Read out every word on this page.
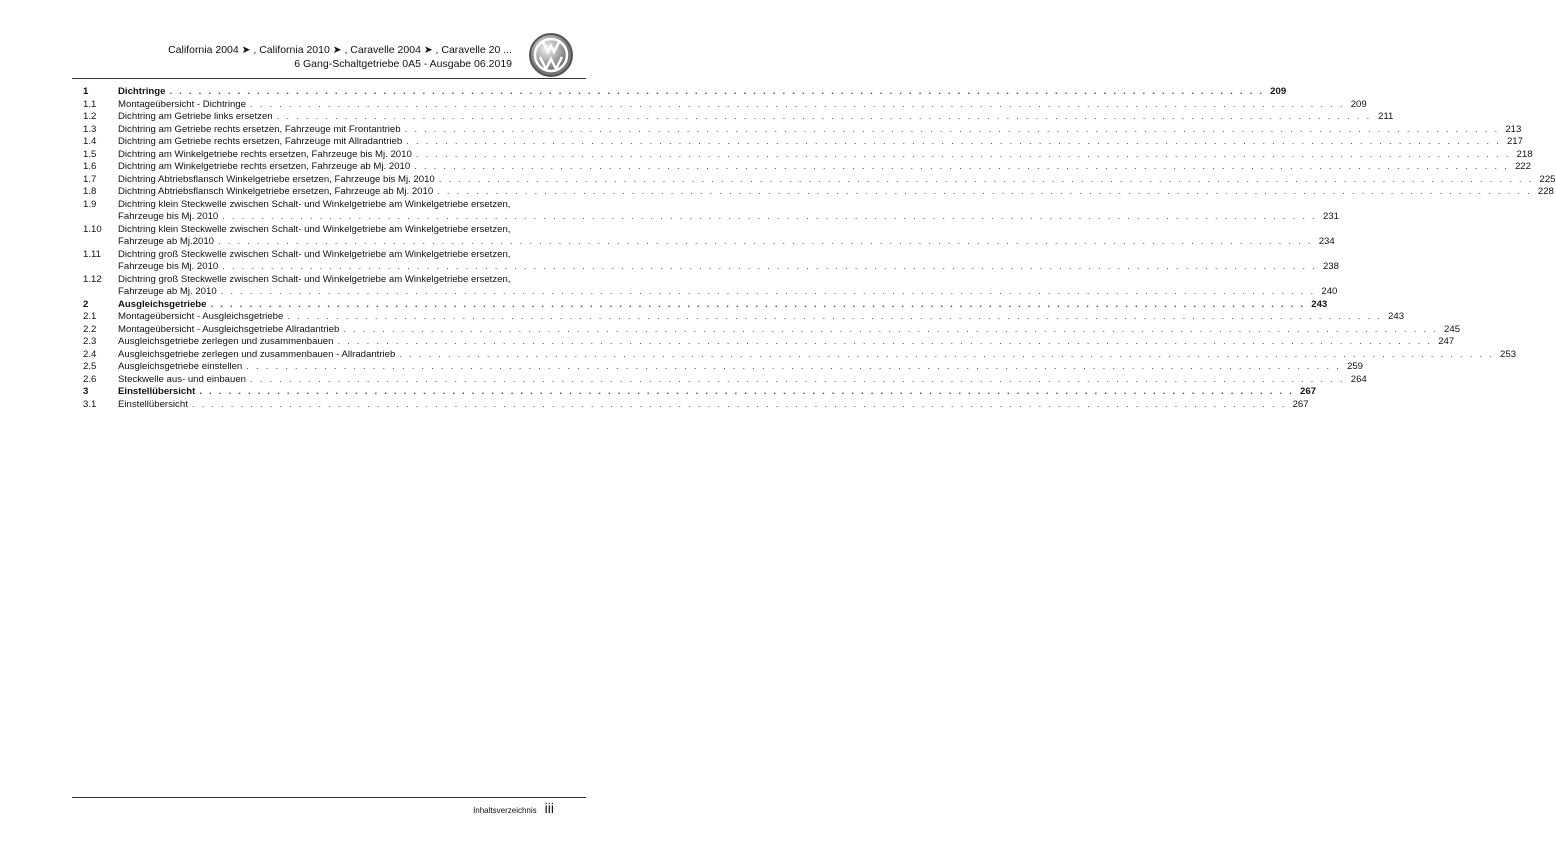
California 2004 ➤ , California 2010 ➤ , Caravelle 2004 ➤ , Caravelle 20 ...
6 Gang-Schaltgetriebe 0A5 - Ausgabe 06.2019
1	Dichtringe . . .	209
1.1	Montageübersicht - Dichtringe . . .	209
1.2	Dichtring am Getriebe links ersetzen . . .	211
1.3	Dichtring am Getriebe rechts ersetzen, Fahrzeuge mit Frontantrieb . . .	213
1.4	Dichtring am Getriebe rechts ersetzen, Fahrzeuge mit Allradantrieb . . .	217
1.5	Dichtring am Winkelgetriebe rechts ersetzen, Fahrzeuge bis Mj. 2010 . . .	218
1.6	Dichtring am Winkelgetriebe rechts ersetzen, Fahrzeuge ab Mj. 2010 . . .	222
1.7	Dichtring Abtriebsflansch Winkelgetriebe ersetzen, Fahrzeuge bis Mj. 2010 . . .	225
1.8	Dichtring Abtriebsflansch Winkelgetriebe ersetzen, Fahrzeuge ab Mj. 2010 . . .	228
1.9	Dichtring klein Steckwelle zwischen Schalt- und Winkelgetriebe am Winkelgetriebe ersetzen,
Fahrzeuge bis Mj. 2010 . . .	231
1.10	Dichtring klein Steckwelle zwischen Schalt- und Winkelgetriebe am Winkelgetriebe ersetzen,
Fahrzeuge ab Mj.2010 . . .	234
1.11	Dichtring groß Steckwelle zwischen Schalt- und Winkelgetriebe am Winkelgetriebe ersetzen,
Fahrzeuge bis Mj. 2010 . . .	238
1.12	Dichtring groß Steckwelle zwischen Schalt- und Winkelgetriebe am Winkelgetriebe ersetzen,
Fahrzeuge ab Mj. 2010 . . .	240
2	Ausgleichsgetriebe . . .	243
2.1	Montageübersicht - Ausgleichsgetriebe . . .	243
2.2	Montageübersicht - Ausgleichsgetriebe Allradantrieb . . .	245
2.3	Ausgleichsgetriebe zerlegen und zusammenbauen . . .	247
2.4	Ausgleichsgetriebe zerlegen und zusammenbauen - Allradantrieb . . .	253
2.5	Ausgleichsgetriebe einstellen . . .	259
2.6	Steckwelle aus- und einbauen . . .	264
3	Einstellübersicht . . .	267
3.1	Einstellübersicht . . .	267
Inhaltsverzeichnis iii
